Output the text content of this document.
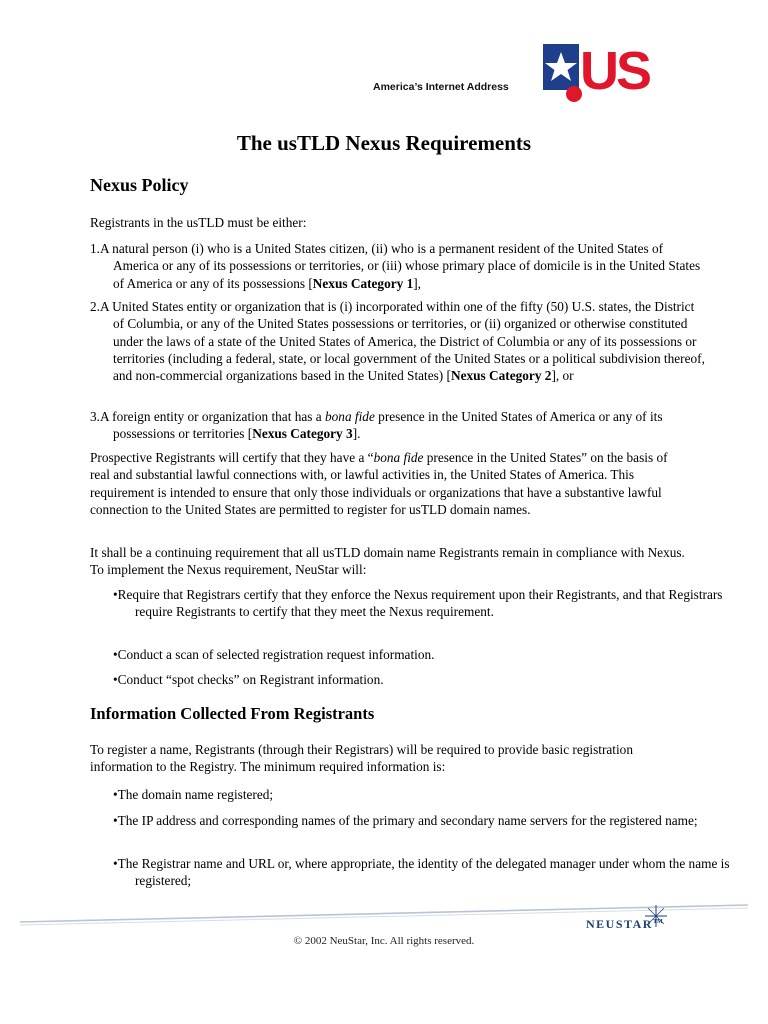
America’s Internet Address US
The usTLD Nexus Requirements
Nexus Policy

Registrants in the usTLD must be either:

1.A natural person (i) who is a United States citizen, (ii) who is a permanent resident of the United States of America or any of its possessions or territories, or (iii) whose primary place of domicile is in the United States of America or any of its possessions [Nexus Category 1],

2.A United States entity or organization that is (i) incorporated within one of the fifty (50) U.S. states, the District of Columbia, or any of the United States possessions or territories, or (ii) organized or otherwise constituted under the laws of a state of the United States of America, the District of Columbia or any of its possessions or territories (including a federal, state, or local government of the United States or a political subdivision thereof, and non-commercial organizations based in the United States) [Nexus Category 2], or

3.A foreign entity or organization that has a bona fide presence in the United States of America or any of its possessions or territories [Nexus Category 3].

Prospective Registrants will certify that they have a “bona fide presence in the United States” on the basis of real and substantial lawful connections with, or lawful activities in, the United States of America. This requirement is intended to ensure that only those individuals or organizations that have a substantive lawful connection to the United States are permitted to register for usTLD domain names.

It shall be a continuing requirement that all usTLD domain name Registrants remain in compliance with Nexus. To implement the Nexus requirement, NeuStar will:

•Require that Registrars certify that they enforce the Nexus requirement upon their Registrants, and that Registrars require Registrants to certify that they meet the Nexus requirement.

•Conduct a scan of selected registration request information.

•Conduct “spot checks” on Registrant information.

Information Collected From Registrants

To register a name, Registrants (through their Registrars) will be required to provide basic registration information to the Registry. The minimum required information is:

•The domain name registered;

•The IP address and corresponding names of the primary and secondary name servers for the registered name;

•The Registrar name and URL or, where appropriate, the identity of the delegated manager under whom the name is registered;

NEUSTAR™
© 2002 NeuStar, Inc. All rights reserved.
